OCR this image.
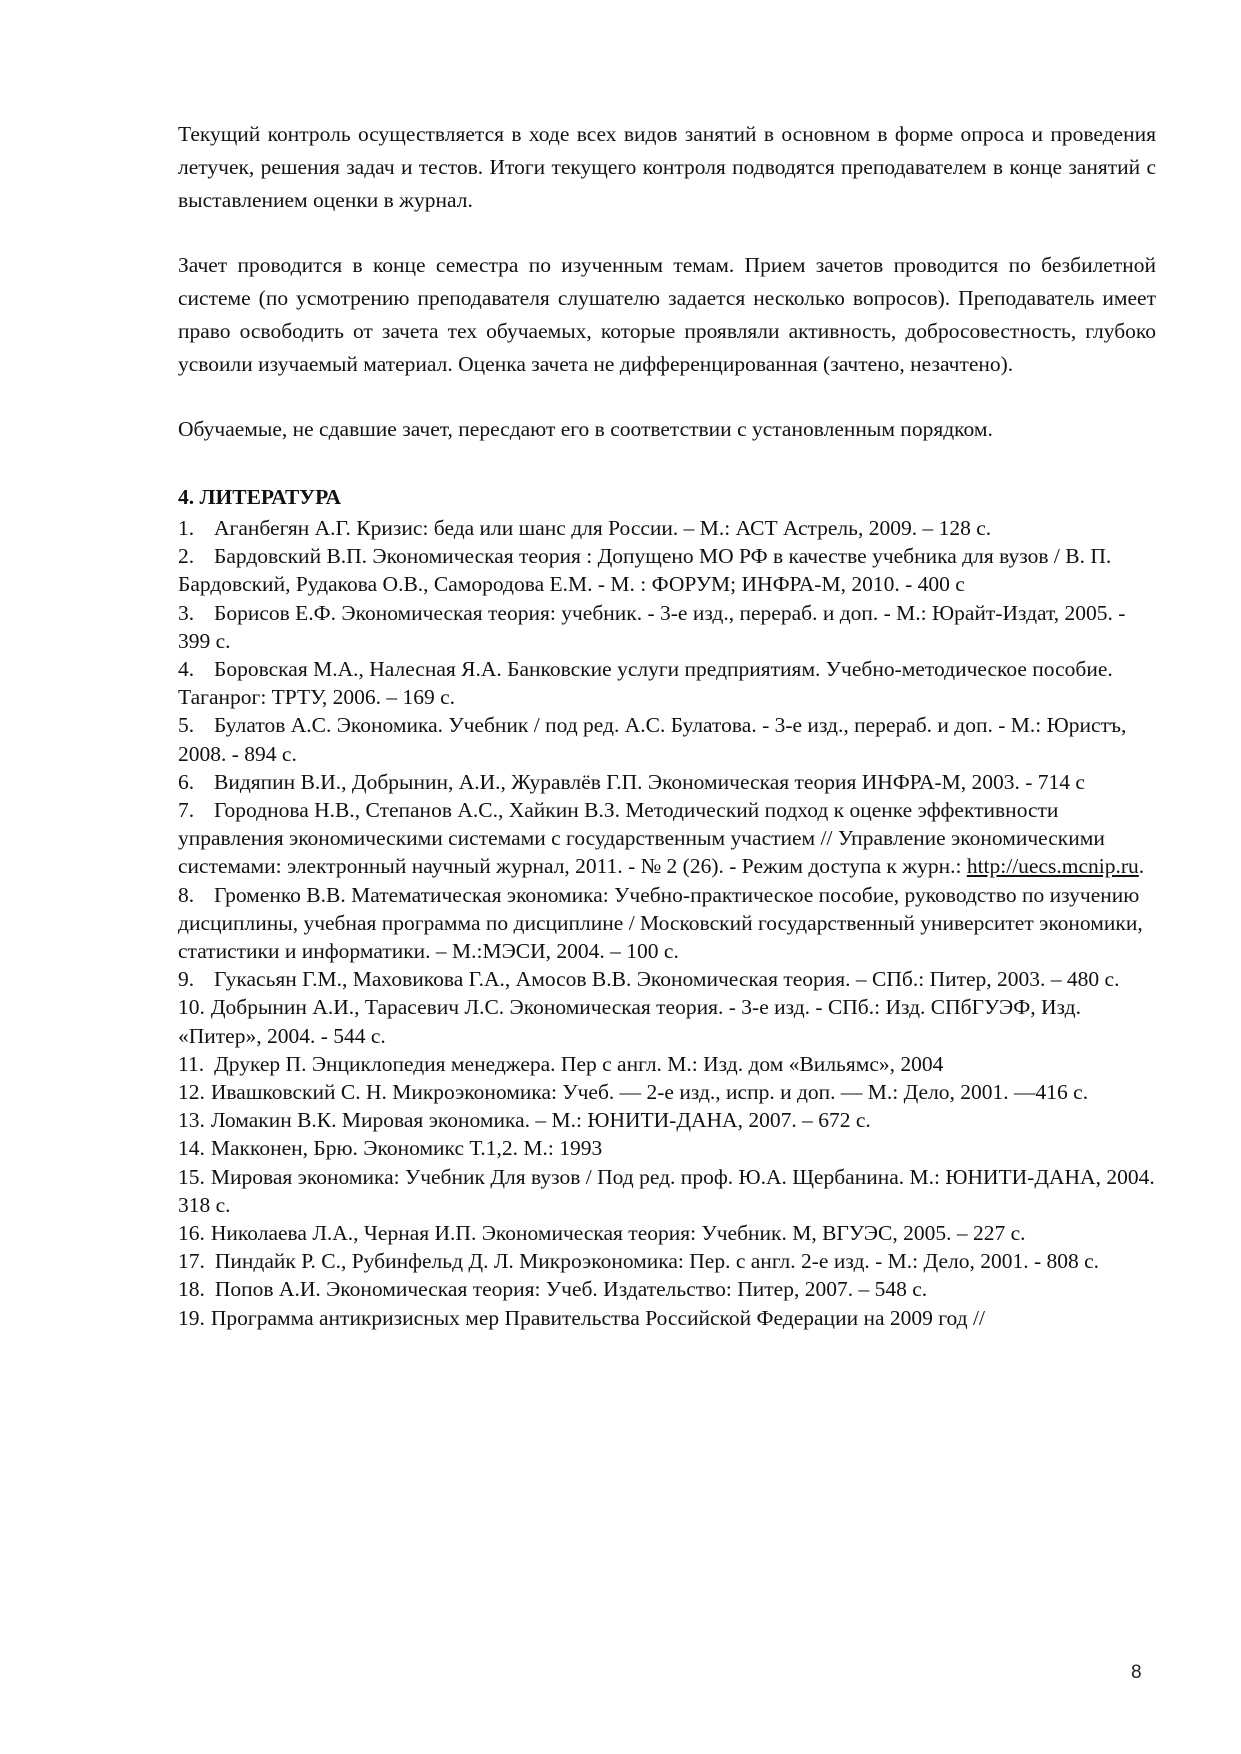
Текущий контроль осуществляется в ходе всех видов занятий в основном в форме опроса и проведения летучек, решения задач и тестов. Итоги текущего контроля подводятся преподавателем в конце занятий с выставлением оценки в журнал.

Зачет проводится в конце семестра по изученным темам. Прием зачетов проводится по безбилетной системе (по усмотрению преподавателя слушателю задается несколько вопросов). Преподаватель имеет право освободить от зачета тех обучаемых, которые проявляли активность, добросовестность, глубоко усвоили изучаемый материал. Оценка зачета не дифференцированная (зачтено, незачтено).

Обучаемые, не сдавшие зачет, пересдают его в соответствии с установленным порядком.

4. ЛИТЕРАТУРА
1. Аганбегян А.Г. Кризис: беда или шанс для России. – М.: АСТ Астрель, 2009. – 128 с.
2. Бардовский В.П. Экономическая теория : Допущено МО РФ в качестве учебника для вузов / В. П. Бардовский, Рудакова О.В., Самородова Е.М. - М. : ФОРУМ; ИНФРА-М, 2010. - 400 с
3. Борисов Е.Ф. Экономическая теория: учебник. - 3-е изд., перераб. и доп. - М.: Юрайт-Издат, 2005. - 399 с.
4. Боровская М.А., Налесная Я.А. Банковские услуги предприятиям. Учебно-методическое пособие. Таганрог: ТРТУ, 2006. – 169 с.
5. Булатов А.С. Экономика. Учебник / под ред. А.С. Булатова. - 3-е изд., перераб. и доп. - М.: Юристъ, 2008. - 894 с.
6. Видяпин В.И., Добрынин, А.И., Журавлёв Г.П. Экономическая теория ИНФРА-М, 2003. - 714 с
7. Городнова Н.В., Степанов А.С., Хайкин В.З. Методический подход к оценке эффективности управления экономическими системами с государственным участием // Управление экономическими системами: электронный научный журнал, 2011. - № 2 (26). - Режим доступа к журн.: http://uecs.mcnip.ru.
8. Громенко В.В. Математическая экономика: Учебно-практическое пособие, руководство по изучению дисциплины, учебная программа по дисциплине / Московский государственный университет экономики, статистики и информатики. – М.:МЭСИ, 2004. – 100 с.
9. Гукасьян Г.М., Маховикова Г.А., Амосов В.В. Экономическая теория. – СПб.: Питер, 2003. – 480 с.
10. Добрынин А.И., Тарасевич Л.С. Экономическая теория. - 3-е изд. - СПб.: Изд. СПбГУЭФ, Изд. «Питер», 2004. - 544 с.
11. Друкер П. Энциклопедия менеджера. Пер с англ. М.: Изд. дом «Вильямс», 2004
12. Ивашковский С. Н. Микроэкономика: Учеб. — 2-е изд., испр. и доп. — М.: Дело, 2001. —416 с.
13. Ломакин В.К. Мировая экономика. – М.: ЮНИТИ-ДАНА, 2007. – 672 с.
14. Макконен, Брю. Экономикс Т.1,2. М.: 1993
15. Мировая экономика: Учебник Для вузов / Под ред. проф. Ю.А. Щербанина. М.: ЮНИТИ-ДАНА, 2004. 318 с.
16. Николаева Л.А., Черная И.П. Экономическая теория: Учебник. М, ВГУЭС, 2005. – 227 с.
17. Пиндайк Р. С., Рубинфельд Д. Л. Микроэкономика: Пер. с англ. 2-е изд. - М.: Дело, 2001. - 808 с.
18. Попов А.И. Экономическая теория: Учеб. Издательство: Питер, 2007. – 548 с.
19. Программа антикризисных мер Правительства Российской Федерации на 2009 год //
8
